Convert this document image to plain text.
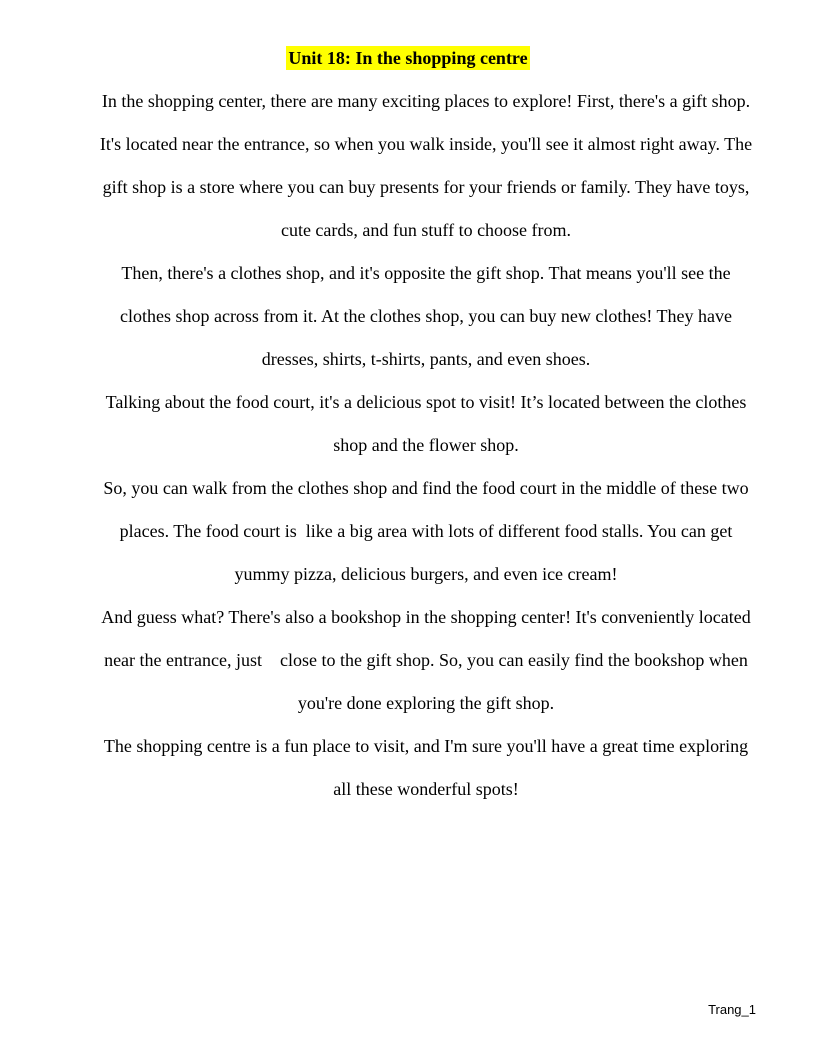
Unit 18: In the shopping centre

In the shopping center, there are many exciting places to explore! First, there's a gift shop. It's located near the entrance, so when you walk inside, you'll see it almost right away. The gift shop is a store where you can buy presents for your friends or family. They have toys, cute cards, and fun stuff to choose from.

Then, there's a clothes shop, and it's opposite the gift shop. That means you'll see the clothes shop across from it. At the clothes shop, you can buy new clothes! They have dresses, shirts, t-shirts, pants, and even shoes.

Talking about the food court, it's a delicious spot to visit! It’s located between the clothes shop and the flower shop.

So, you can walk from the clothes shop and find the food court in the middle of these two places. The food court is  like a big area with lots of different food stalls. You can get yummy pizza, delicious burgers, and even ice cream!

And guess what? There's also a bookshop in the shopping center! It's conveniently located near the entrance, just    close to the gift shop. So, you can easily find the bookshop when you're done exploring the gift shop.

The shopping centre is a fun place to visit, and I'm sure you'll have a great time exploring all these wonderful spots!

Trang_1
